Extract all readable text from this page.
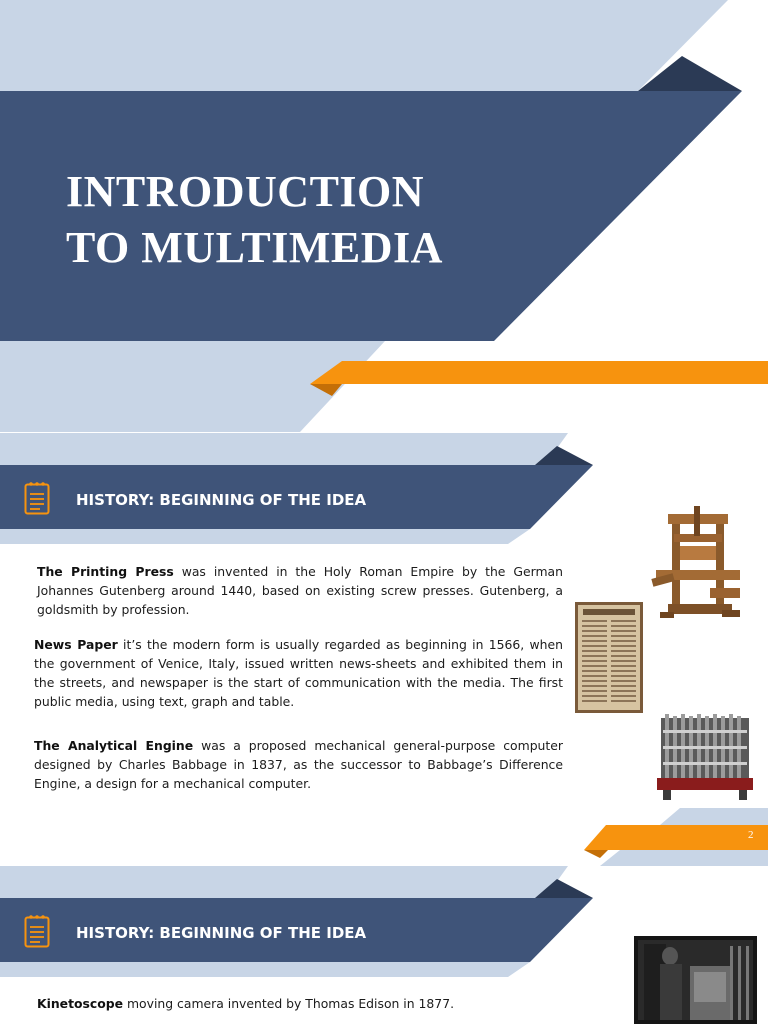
INTRODUCTION
TO MULTIMEDIA
HISTORY: BEGINNING OF THE IDEA

The Printing Press was invented in the Holy Roman Empire by the German Johannes Gutenberg around 1440, based on existing screw presses. Gutenberg, a goldsmith by profession.

News Paper it’s the modern form is usually regarded as beginning in 1566, when the government of Venice, Italy, issued written news-sheets and exhibited them in the streets, and newspaper is the start of communication with the media. The first public media, using text, graph and table.

The Analytical Engine was a proposed mechanical general-purpose computer designed by Charles Babbage in 1837, as the successor to Babbage’s Difference Engine, a design for a mechanical computer.

2
HISTORY: BEGINNING OF THE IDEA

Kinetoscope moving camera invented by Thomas Edison in 1877.
